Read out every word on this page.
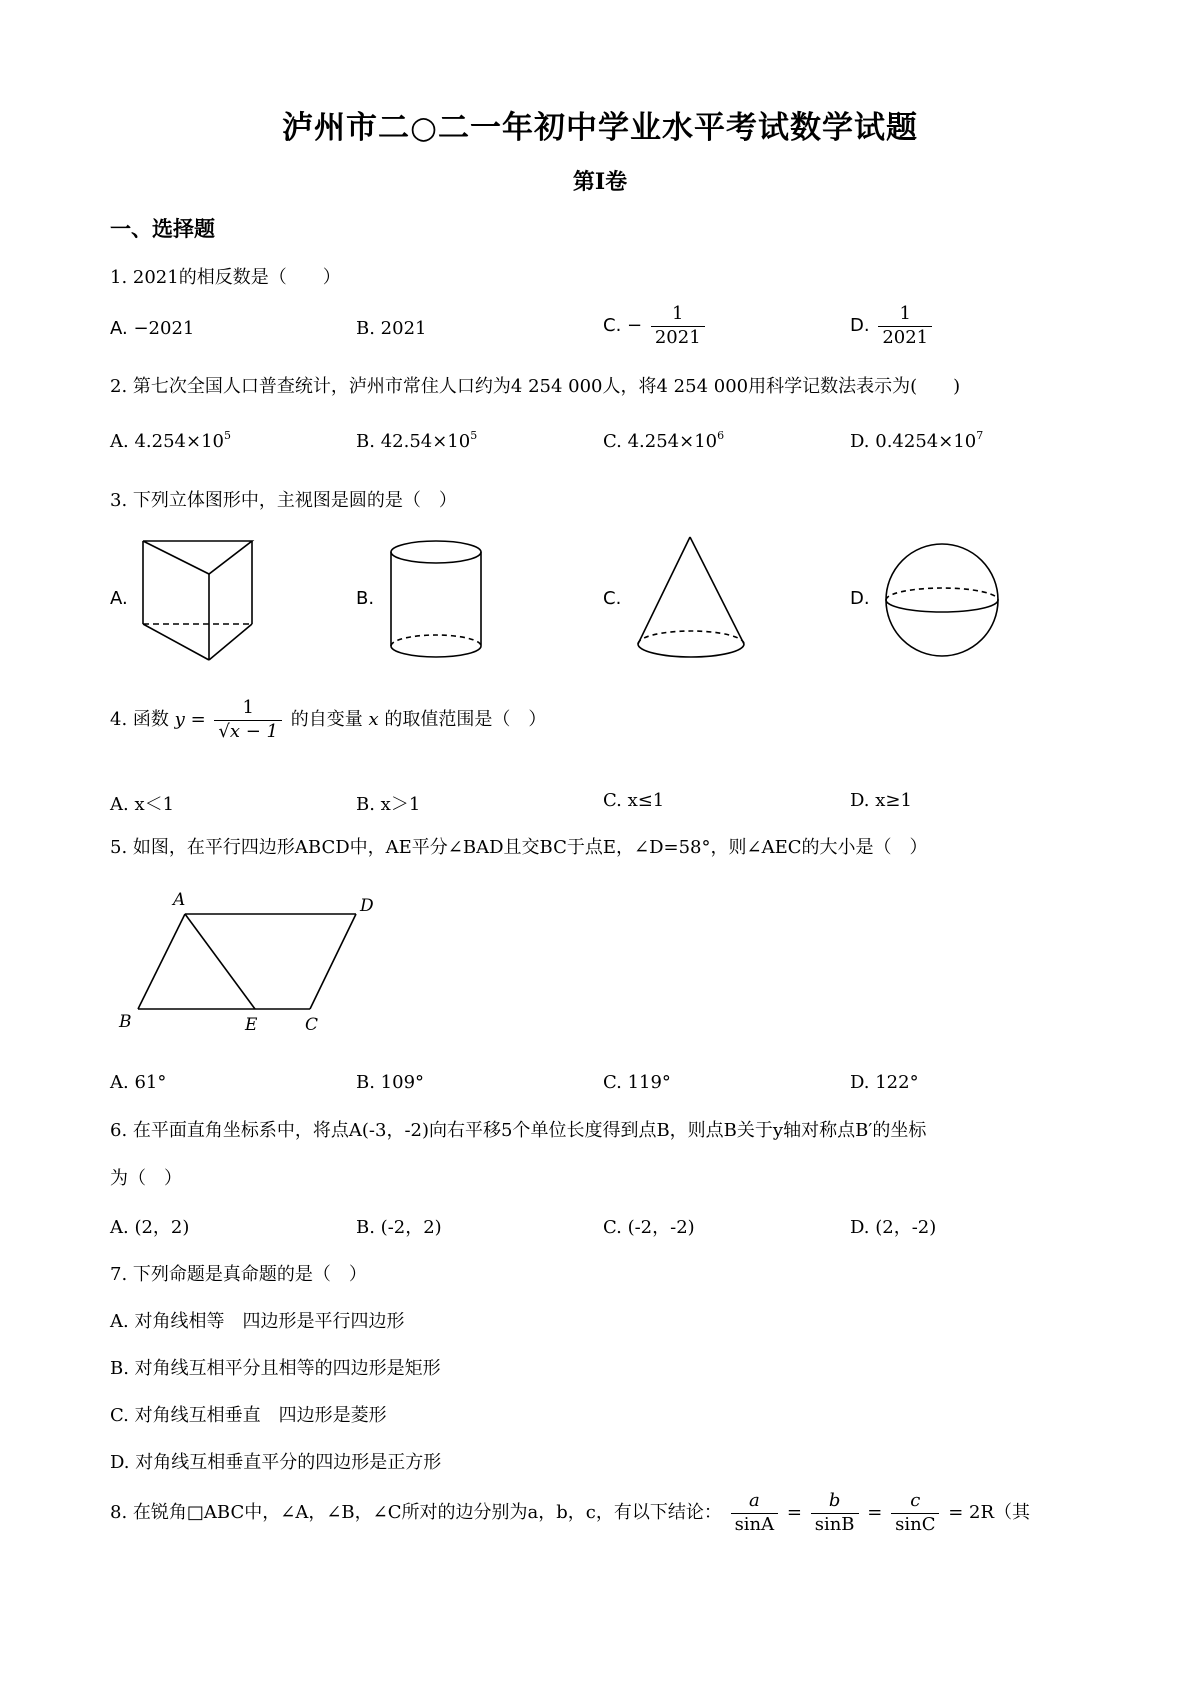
泸州市二○二一年初中学业水平考试数学试题
第Ⅰ卷
一、选择题
1. 2021的相反数是（　　）
A. −2021	B. 2021	C. − $\frac{1}{2021}$	D. $\frac{1}{2021}$
2. 第七次全国人口普查统计，泸州市常住人口约为4 254 000人，将4 254 000用科学记数法表示为(　　)
A. $4.254\times 10^5$	B. $42.54\times 10^5$	C. $4.254\times 10^6$	D. $0.4254\times 10^7$
3. 下列立体图形中，主视图是圆的是（　）
A.	B.	C.	D.
4. 函数 $y = \frac{1}{√x - 1}$ 的自变量 x 的取值范围是（　）
A. x＜1	B. x＞1	C. x≤1	D. x≥1
5. 如图，在平行四边形ABCD中，AE平分∠BAD且交BC于点E，∠D=58°，则∠AEC的大小是（　）
A	D
B	E	C
A. 61°	B. 109°	C. 119°	D. 122°
6. 在平面直角坐标系中，将点A(-3，-2)向右平移5个单位长度得到点B，则点B关于y轴对称点B′的坐标
为（　）
A. (2，2)	B. (-2，2)	C. (-2，-2)	D. (2，-2)
7. 下列命题是真命题的是（　）
A. 对角线相等　四边形是平行四边形
B. 对角线互相平分且相等的四边形是矩形
C. 对角线互相垂直　四边形是菱形
D. 对角线互相垂直平分的四边形是正方形
8. 在锐角□ABC中，∠A，∠B，∠C所对的边分别为a，b，c，有以下结论： $\frac{a}{\sin A} = \frac{b}{\sin B} = \frac{c}{\sin C} = 2R$（其
